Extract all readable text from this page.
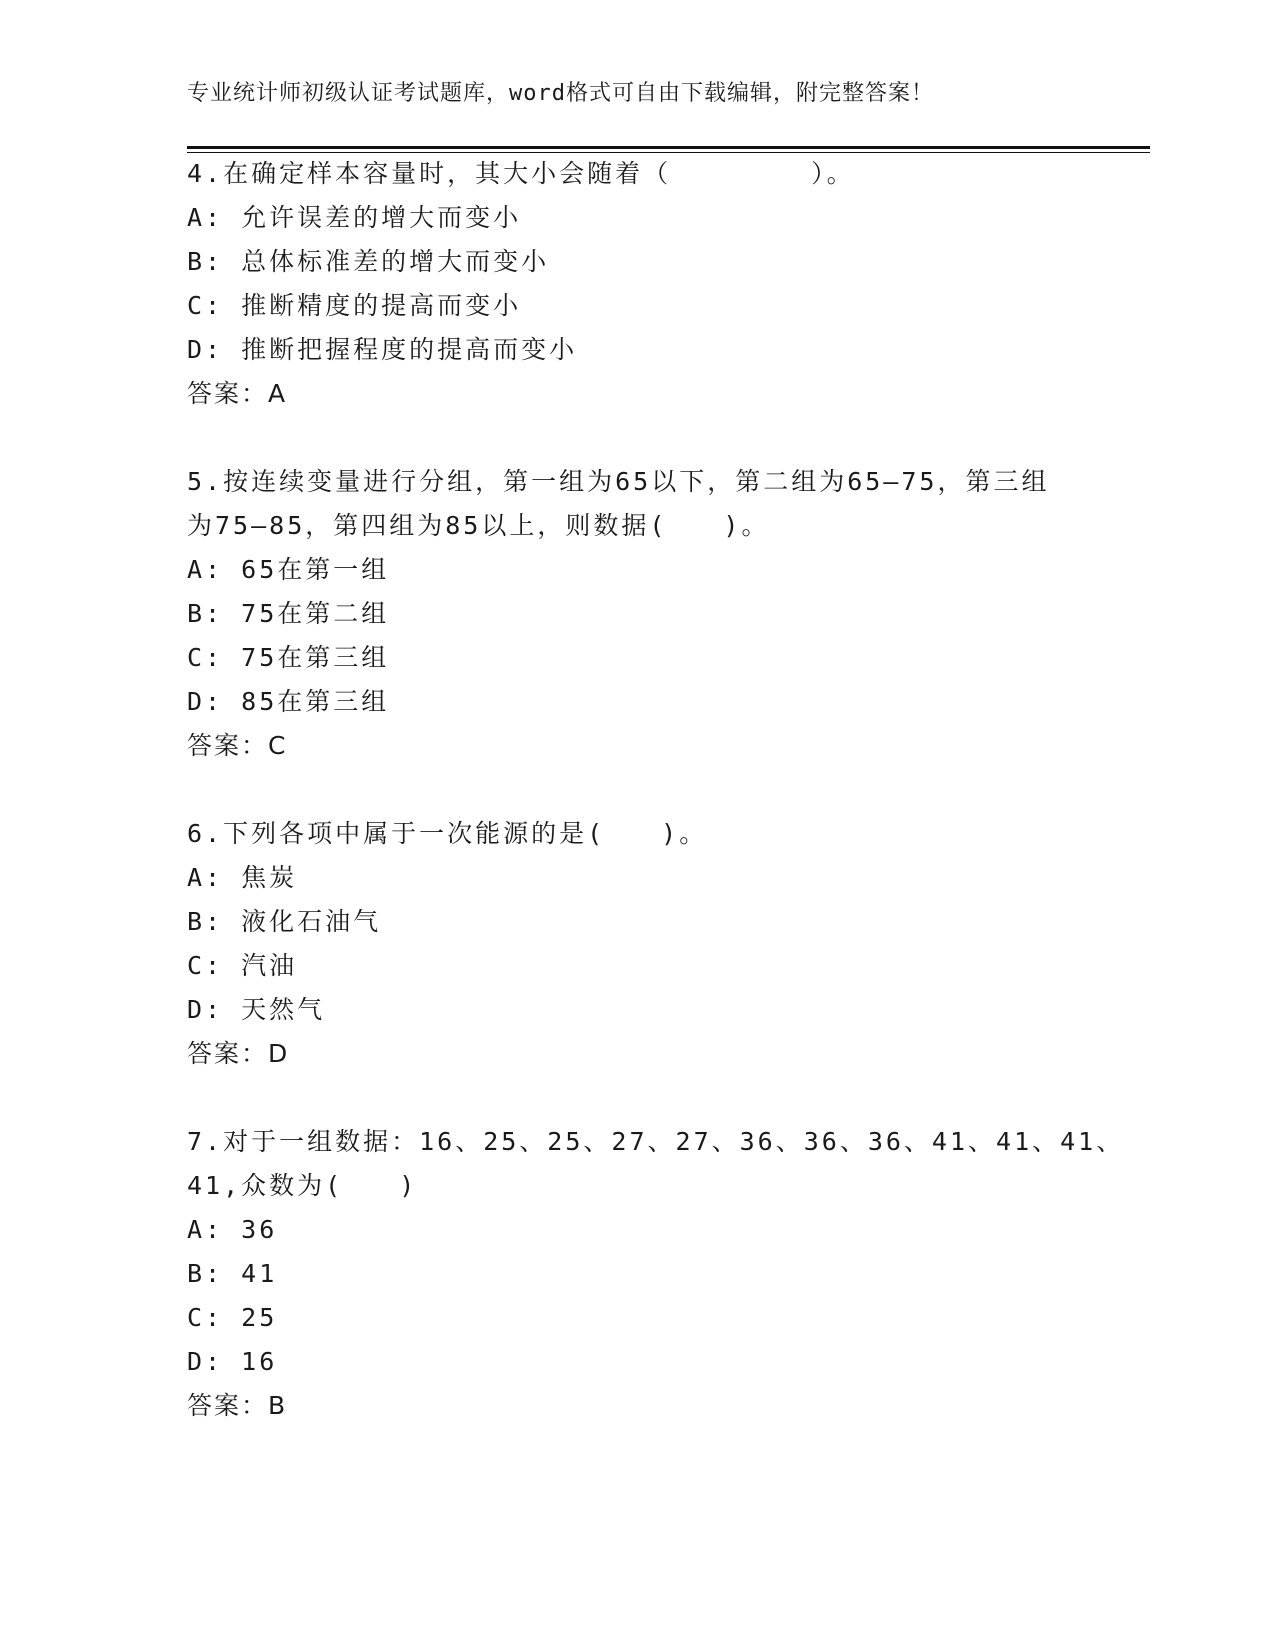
专业统计师初级认证考试题库，word格式可自由下载编辑，附完整答案！
4.在确定样本容量时，其大小会随着（　　　　　）。
A: 允许误差的增大而变小
B: 总体标准差的增大而变小
C: 推断精度的提高而变小
D: 推断把握程度的提高而变小
答案：A
5.按连续变量进行分组，第一组为65以下，第二组为65—75，第三组
为75—85，第四组为85以上，则数据(　　)。
A: 65在第一组
B: 75在第二组
C: 75在第三组
D: 85在第三组
答案：C
6.下列各项中属于一次能源的是(　　)。
A: 焦炭
B: 液化石油气
C: 汽油
D: 天然气
答案：D
7.对于一组数据：16、25、25、27、27、36、36、36、41、41、41、
41,众数为(　　)
A: 36
B: 41
C: 25
D: 16
答案：B
